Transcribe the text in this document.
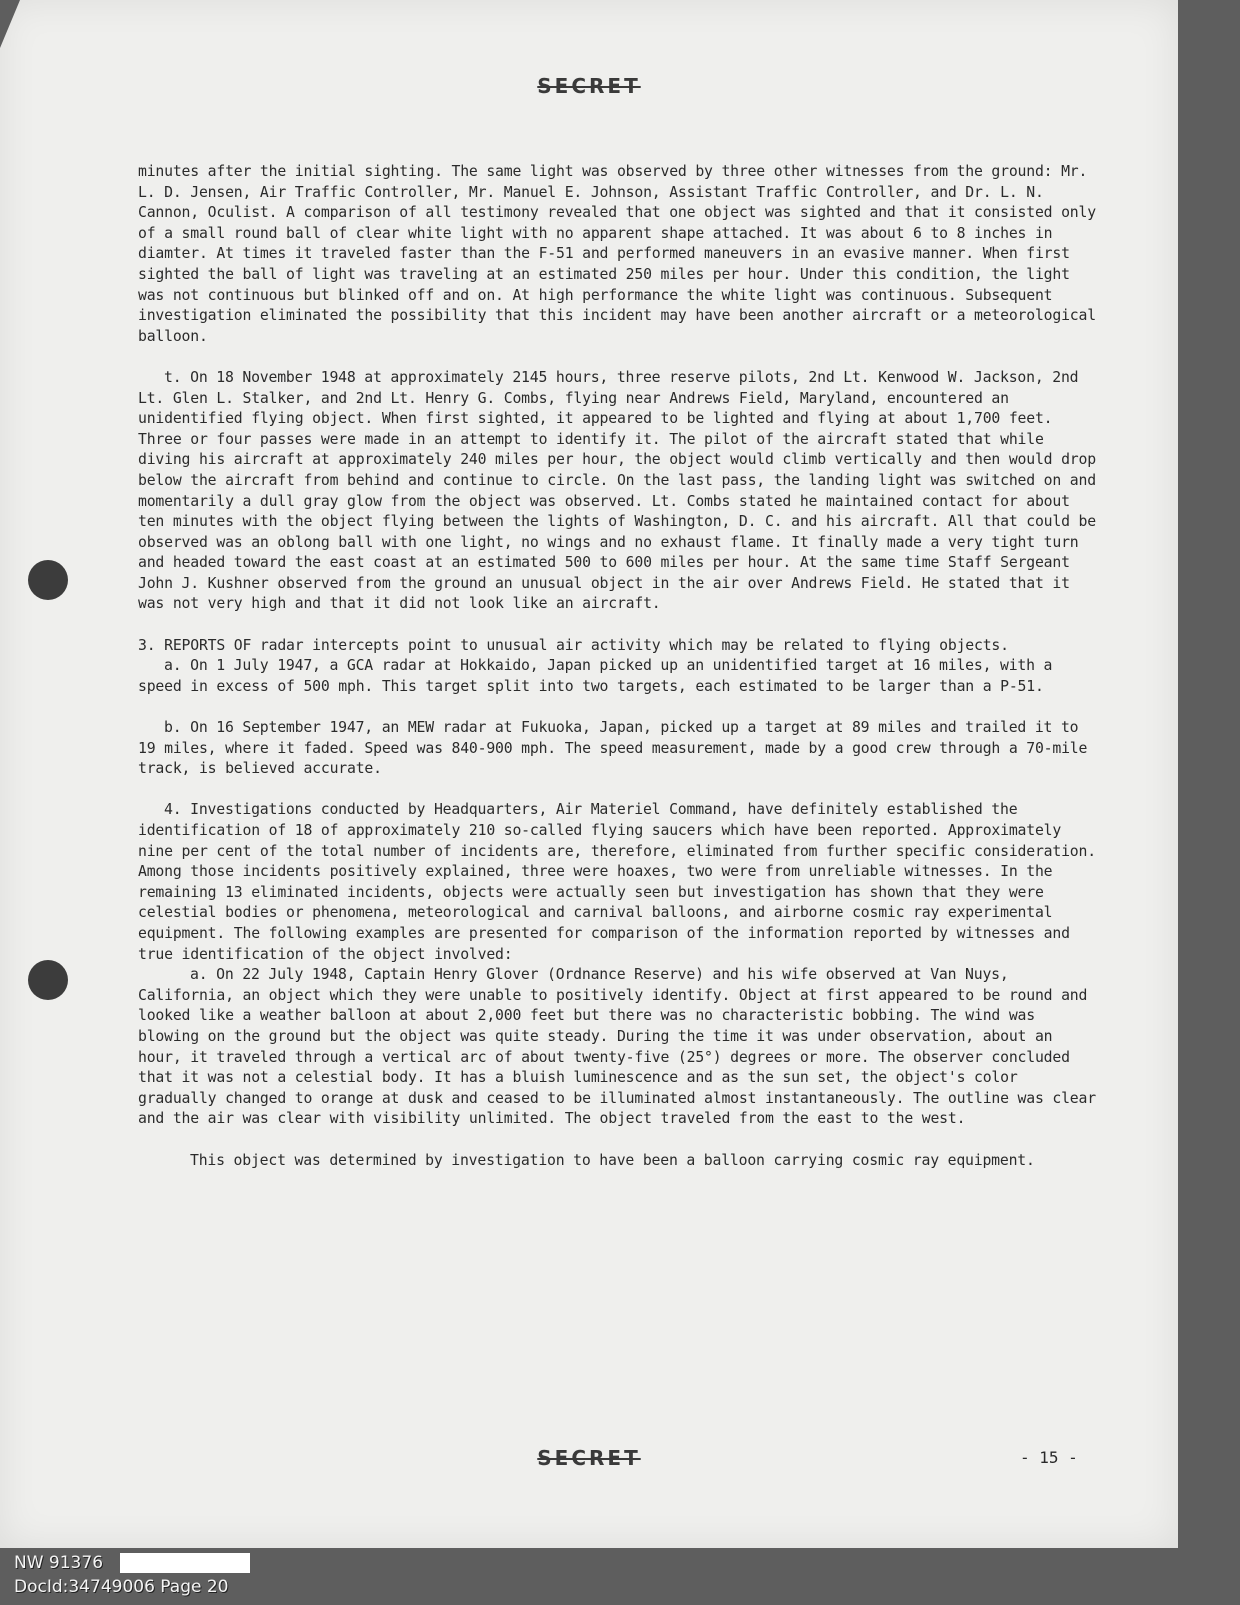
SECRET

minutes after the initial sighting. The same light was observed by three other witnesses from the ground: Mr. L. D. Jensen, Air Traffic Controller, Mr. Manuel E. Johnson, Assistant Traffic Controller, and Dr. L. N. Cannon, Oculist. A comparison of all testimony revealed that one object was sighted and that it consisted only of a small round ball of clear white light with no apparent shape attached. It was about 6 to 8 inches in diamter. At times it traveled faster than the F-51 and performed maneuvers in an evasive manner. When first sighted the ball of light was traveling at an estimated 250 miles per hour. Under this condition, the light was not continuous but blinked off and on. At high performance the white light was continuous. Subsequent investigation eliminated the possibility that this incident may have been another aircraft or a meteorological balloon.

t. On 18 November 1948 at approximately 2145 hours, three reserve pilots, 2nd Lt. Kenwood W. Jackson, 2nd Lt. Glen L. Stalker, and 2nd Lt. Henry G. Combs, flying near Andrews Field, Maryland, encountered an unidentified flying object. When first sighted, it appeared to be lighted and flying at about 1,700 feet. Three or four passes were made in an attempt to identify it. The pilot of the aircraft stated that while diving his aircraft at approximately 240 miles per hour, the object would climb vertically and then would drop below the aircraft from behind and continue to circle. On the last pass, the landing light was switched on and momentarily a dull gray glow from the object was observed. Lt. Combs stated he maintained contact for about ten minutes with the object flying between the lights of Washington, D. C. and his aircraft. All that could be observed was an oblong ball with one light, no wings and no exhaust flame. It finally made a very tight turn and headed toward the east coast at an estimated 500 to 600 miles per hour. At the same time Staff Sergeant John J. Kushner observed from the ground an unusual object in the air over Andrews Field. He stated that it was not very high and that it did not look like an aircraft.

3. REPORTS OF radar intercepts point to unusual air activity which may be related to flying objects.

a. On 1 July 1947, a GCA radar at Hokkaido, Japan picked up an unidentified target at 16 miles, with a speed in excess of 500 mph. This target split into two targets, each estimated to be larger than a P-51.

b. On 16 September 1947, an MEW radar at Fukuoka, Japan, picked up a target at 89 miles and trailed it to 19 miles, where it faded. Speed was 840-900 mph. The speed measurement, made by a good crew through a 70-mile track, is believed accurate.

4. Investigations conducted by Headquarters, Air Materiel Command, have definitely established the identification of 18 of approximately 210 so-called flying saucers which have been reported. Approximately nine per cent of the total number of incidents are, therefore, eliminated from further specific consideration. Among those incidents positively explained, three were hoaxes, two were from unreliable witnesses. In the remaining 13 eliminated incidents, objects were actually seen but investigation has shown that they were celestial bodies or phenomena, meteorological and carnival balloons, and airborne cosmic ray experimental equipment. The following examples are presented for comparison of the information reported by witnesses and true identification of the object involved:

a. On 22 July 1948, Captain Henry Glover (Ordnance Reserve) and his wife observed at Van Nuys, California, an object which they were unable to positively identify. Object at first appeared to be round and looked like a weather balloon at about 2,000 feet but there was no characteristic bobbing. The wind was blowing on the ground but the object was quite steady. During the time it was under observation, about an hour, it traveled through a vertical arc of about twenty-five (25°) degrees or more. The observer concluded that it was not a celestial body. It has a bluish luminescence and as the sun set, the object's color gradually changed to orange at dusk and ceased to be illuminated almost instantaneously. The outline was clear and the air was clear with visibility unlimited. The object traveled from the east to the west.

This object was determined by investigation to have been a balloon carrying cosmic ray equipment.

SECRET	- 15 -
NW 91376
DocId:34749006 Page 20
